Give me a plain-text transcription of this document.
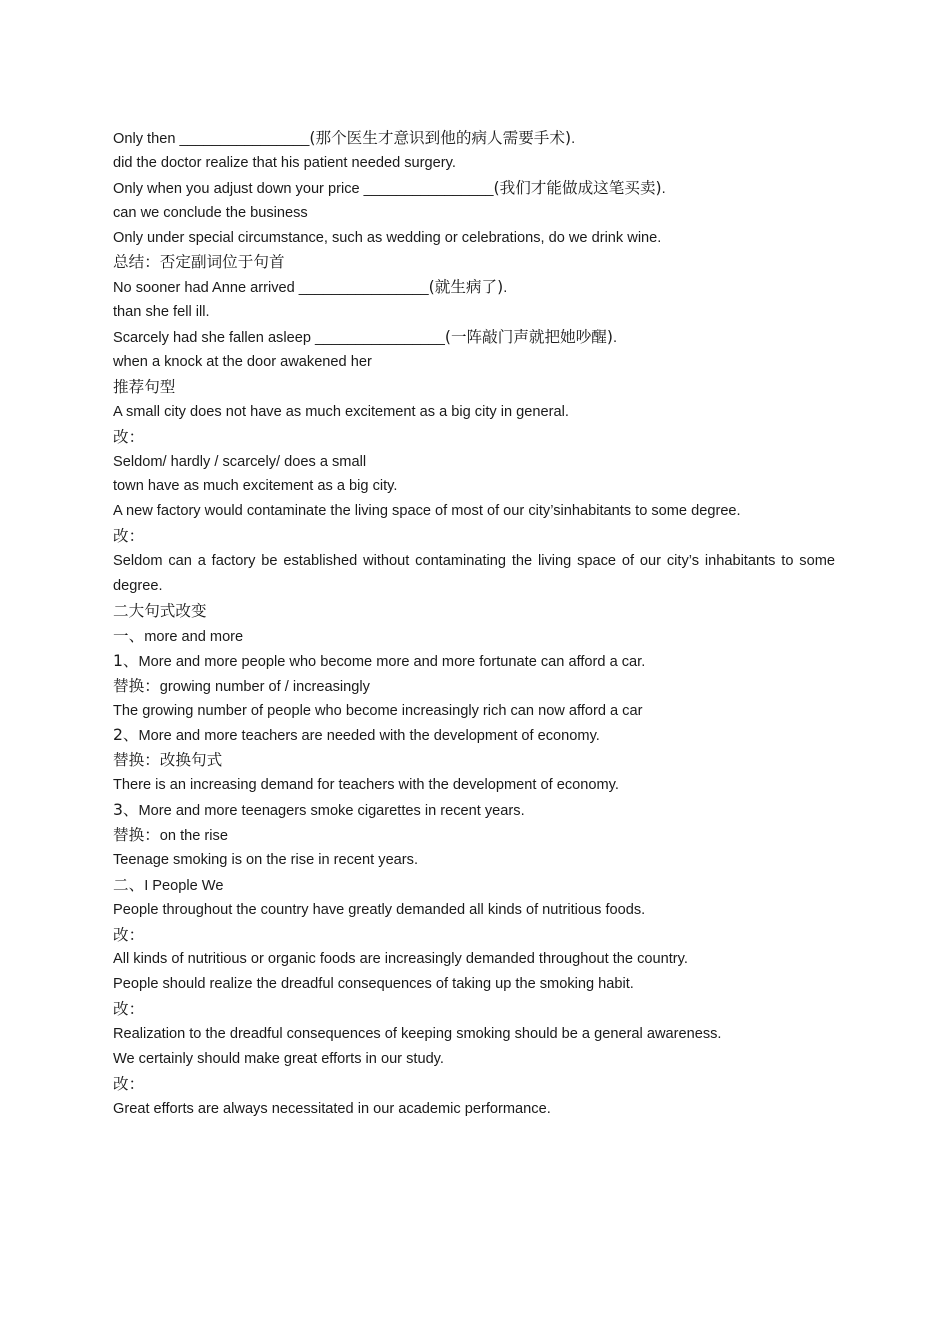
Only then ________________(那个医生才意识到他的病人需要手术).
did the doctor realize that his patient needed surgery.
Only when you adjust down your price ________________(我们才能做成这笔买卖).
can we conclude the business
Only under special circumstance, such as wedding or celebrations, do we drink wine.
总结：否定副词位于句首
No sooner had Anne arrived ________________(就生病了).
than she fell ill.
Scarcely had she fallen asleep ________________(一阵敲门声就把她吵醒).
when a knock at the door awakened her
推荐句型
A small city does not have as much excitement as a big city in general.
改：
Seldom/ hardly / scarcely/ does a small
town have as much excitement as a big city.
A new factory would contaminate the living space of most of our city’sinhabitants to some degree.
改：
Seldom can a factory be established without contaminating the living space of our city’s inhabitants to some degree.
二大句式改变
一、more and more
1、More and more people who become more and more fortunate can afford a car.
替换：growing number of / increasingly
The growing number of people who become increasingly rich can now afford a car
2、More and more teachers are needed with the development of economy.
替换：改换句式
There is an increasing demand for teachers with the development of economy.
3、More and more teenagers smoke cigarettes in recent years.
替换：on the rise
Teenage smoking is on the rise in recent years.
二、I People We
People throughout the country have greatly demanded all kinds of nutritious foods.
改：
All kinds of nutritious or organic foods are increasingly demanded throughout the country.
People should realize the dreadful consequences of taking up the smoking habit.
改：
Realization to the dreadful consequences of keeping smoking should be a general awareness.
We certainly should make great efforts in our study.
改：
Great efforts are always necessitated in our academic performance.
